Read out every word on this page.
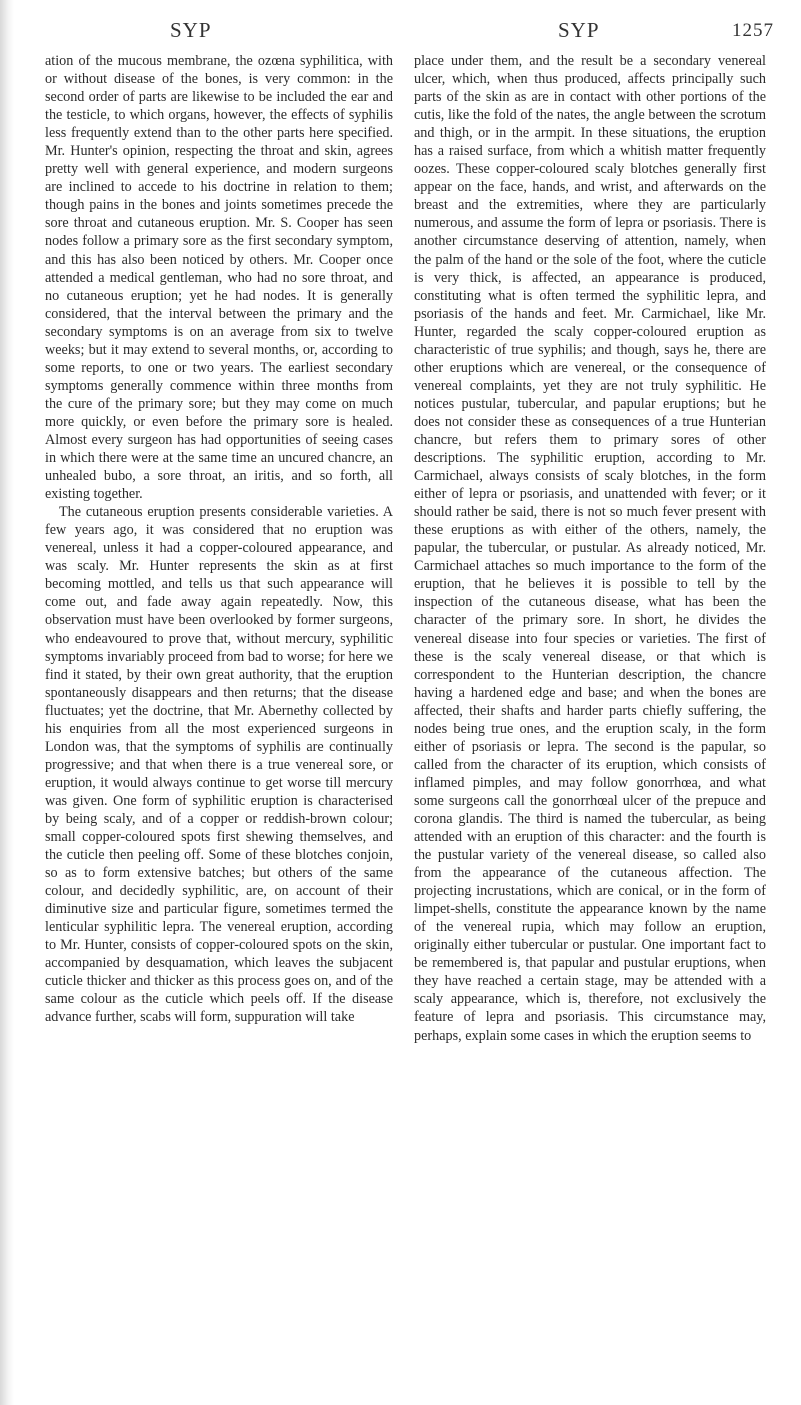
SYP	SYP	1257

ation of the mucous membrane, the ozœna syphilitica, with or without disease of the bones, is very common: in the second order of parts are likewise to be included the ear and the testicle, to which organs, however, the effects of syphilis less frequently extend than to the other parts here specified. Mr. Hunter's opinion, respecting the throat and skin, agrees pretty well with general experience, and modern surgeons are inclined to accede to his doctrine in relation to them; though pains in the bones and joints sometimes precede the sore throat and cutaneous eruption. Mr. S. Cooper has seen nodes follow a primary sore as the first secondary symptom, and this has also been noticed by others. Mr. Cooper once attended a medical gentleman, who had no sore throat, and no cutaneous eruption; yet he had nodes. It is generally considered, that the interval between the primary and the secondary symptoms is on an average from six to twelve weeks; but it may extend to several months, or, according to some reports, to one or two years. The earliest secondary symptoms generally commence within three months from the cure of the primary sore; but they may come on much more quickly, or even before the primary sore is healed. Almost every surgeon has had opportunities of seeing cases in which there were at the same time an uncured chancre, an unhealed bubo, a sore throat, an iritis, and so forth, all existing together.

The cutaneous eruption presents considerable varieties. A few years ago, it was considered that no eruption was venereal, unless it had a copper-coloured appearance, and was scaly. Mr. Hunter represents the skin as at first becoming mottled, and tells us that such appearance will come out, and fade away again repeatedly. Now, this observation must have been overlooked by former surgeons, who endeavoured to prove that, without mercury, syphilitic symptoms invariably proceed from bad to worse; for here we find it stated, by their own great authority, that the eruption spontaneously disappears and then returns; that the disease fluctuates; yet the doctrine, that Mr. Abernethy collected by his enquiries from all the most experienced surgeons in London was, that the symptoms of syphilis are continually progressive; and that when there is a true venereal sore, or eruption, it would always continue to get worse till mercury was given. One form of syphilitic eruption is characterised by being scaly, and of a copper or reddish-brown colour; small copper-coloured spots first shewing themselves, and the cuticle then peeling off. Some of these blotches conjoin, so as to form extensive batches; but others of the same colour, and decidedly syphilitic, are, on account of their diminutive size and particular figure, sometimes termed the lenticular syphilitic lepra. The venereal eruption, according to Mr. Hunter, consists of copper-coloured spots on the skin, accompanied by desquamation, which leaves the subjacent cuticle thicker and thicker as this process goes on, and of the same colour as the cuticle which peels off. If the disease advance further, scabs will form, suppuration will take

place under them, and the result be a secondary venereal ulcer, which, when thus produced, affects principally such parts of the skin as are in contact with other portions of the cutis, like the fold of the nates, the angle between the scrotum and thigh, or in the armpit. In these situations, the eruption has a raised surface, from which a whitish matter frequently oozes. These copper-coloured scaly blotches generally first appear on the face, hands, and wrist, and afterwards on the breast and the extremities, where they are particularly numerous, and assume the form of lepra or psoriasis. There is another circumstance deserving of attention, namely, when the palm of the hand or the sole of the foot, where the cuticle is very thick, is affected, an appearance is produced, constituting what is often termed the syphilitic lepra, and psoriasis of the hands and feet. Mr. Carmichael, like Mr. Hunter, regarded the scaly copper-coloured eruption as characteristic of true syphilis; and though, says he, there are other eruptions which are venereal, or the consequence of venereal complaints, yet they are not truly syphilitic. He notices pustular, tubercular, and papular eruptions; but he does not consider these as consequences of a true Hunterian chancre, but refers them to primary sores of other descriptions. The syphilitic eruption, according to Mr. Carmichael, always consists of scaly blotches, in the form either of lepra or psoriasis, and unattended with fever; or it should rather be said, there is not so much fever present with these eruptions as with either of the others, namely, the papular, the tubercular, or pustular. As already noticed, Mr. Carmichael attaches so much importance to the form of the eruption, that he believes it is possible to tell by the inspection of the cutaneous disease, what has been the character of the primary sore. In short, he divides the venereal disease into four species or varieties. The first of these is the scaly venereal disease, or that which is correspondent to the Hunterian description, the chancre having a hardened edge and base; and when the bones are affected, their shafts and harder parts chiefly suffering, the nodes being true ones, and the eruption scaly, in the form either of psoriasis or lepra. The second is the papular, so called from the character of its eruption, which consists of inflamed pimples, and may follow gonorrhœa, and what some surgeons call the gonorrhœal ulcer of the prepuce and corona glandis. The third is named the tubercular, as being attended with an eruption of this character: and the fourth is the pustular variety of the venereal disease, so called also from the appearance of the cutaneous affection. The projecting incrustations, which are conical, or in the form of limpet-shells, constitute the appearance known by the name of the venereal rupia, which may follow an eruption, originally either tubercular or pustular. One important fact to be remembered is, that papular and pustular eruptions, when they have reached a certain stage, may be attended with a scaly appearance, which is, therefore, not exclusively the feature of lepra and psoriasis. This circumstance may, perhaps, explain some cases in which the eruption seems to
